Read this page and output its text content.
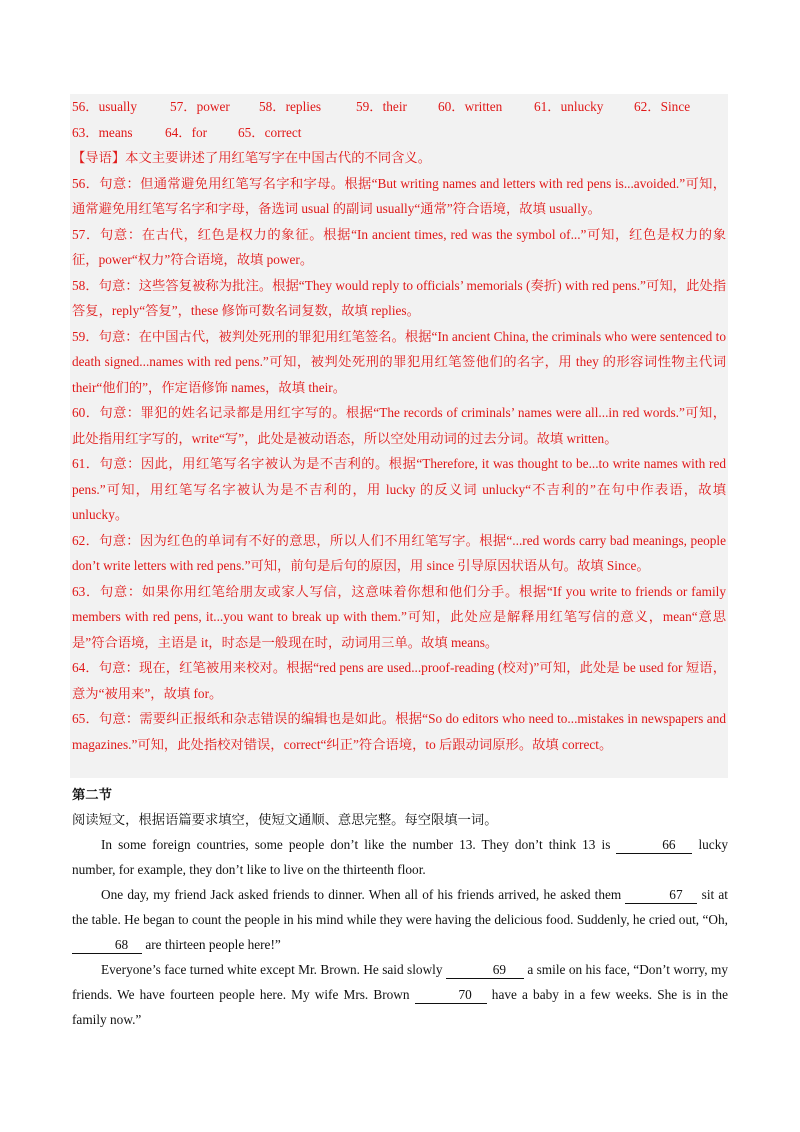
56．usually 57．power 58．replies	59．their 60．written 61．unlucky 62．Since
63．means 64．for 65．correct

【导语】本文主要讲述了用红笔写字在中国古代的不同含义。

56．句意：但通常避免用红笔写名字和字母。根据“But writing names and letters with red pens is...avoided.”可知，通常避免用红笔写名字和字母，备选词 usual 的副词 usually“通常”符合语境，故填 usually。

57．句意：在古代，红色是权力的象征。根据“In ancient times, red was the symbol of...”可知，红色是权力的象征，power“权力”符合语境，故填 power。

58．句意：这些答复被称为批注。根据“They would reply to officials’ memorials (奏折) with red pens.”可知，此处指答复，reply“答复”，these 修饰可数名词复数，故填 replies。

59．句意：在中国古代，被判处死刑的罪犯用红笔签名。根据“In ancient China, the criminals who were sentenced to death signed...names with red pens.”可知，被判处死刑的罪犯用红笔签他们的名字，用 they 的形容词性物主代词 their“他们的”，作定语修饰 names，故填 their。

60．句意：罪犯的姓名记录都是用红字写的。根据“The records of criminals’ names were all...in red words.”可知，此处指用红字写的，write“写”，此处是被动语态，所以空处用动词的过去分词。故填 written。

61．句意：因此，用红笔写名字被认为是不吉利的。根据“Therefore, it was thought to be...to write names with red pens.”可知，用红笔写名字被认为是不吉利的，用 lucky 的反义词 unlucky“不吉利的”在句中作表语，故填 unlucky。

62．句意：因为红色的单词有不好的意思，所以人们不用红笔写字。根据“...red words carry bad meanings, people don’t write letters with red pens.”可知，前句是后句的原因，用 since 引导原因状语从句。故填 Since。

63．句意：如果你用红笔给朋友或家人写信，这意味着你想和他们分手。根据“If you write to friends or family members with red pens, it...you want to break up with them.”可知，此处应是解释用红笔写信的意义，mean“意思是”符合语境，主语是 it，时态是一般现在时，动词用三单。故填 means。

64．句意：现在，红笔被用来校对。根据“red pens are used...proof-reading (校对)”可知，此处是 be used for 短语，意为“被用来”，故填 for。

65．句意：需要纠正报纸和杂志错误的编辑也是如此。根据“So do editors who need to...mistakes in newspapers and magazines.”可知，此处指校对错误，correct“纠正”符合语境，to 后跟动词原形。故填 correct。

第二节

阅读短文，根据语篇要求填空，使短文通顺、意思完整。每空限填一词。

In some foreign countries, some people don’t like the number 13. They don’t think 13 is	66 lucky number, for example, they don’t like to live on the thirteenth floor.

One day, my friend Jack asked friends to dinner. When all of his friends arrived, he asked them	67 sit at the table. He began to count the people in his mind while they were having the delicious food. Suddenly, he cried out, “Oh, 68 are thirteen people here!”

Everyone’s face turned white except Mr. Brown. He said slowly	69 a smile on his face, “Don’t worry, my friends. We have fourteen people here. My wife Mrs. Brown	70 have a baby in a few weeks. She is in the family now.”
